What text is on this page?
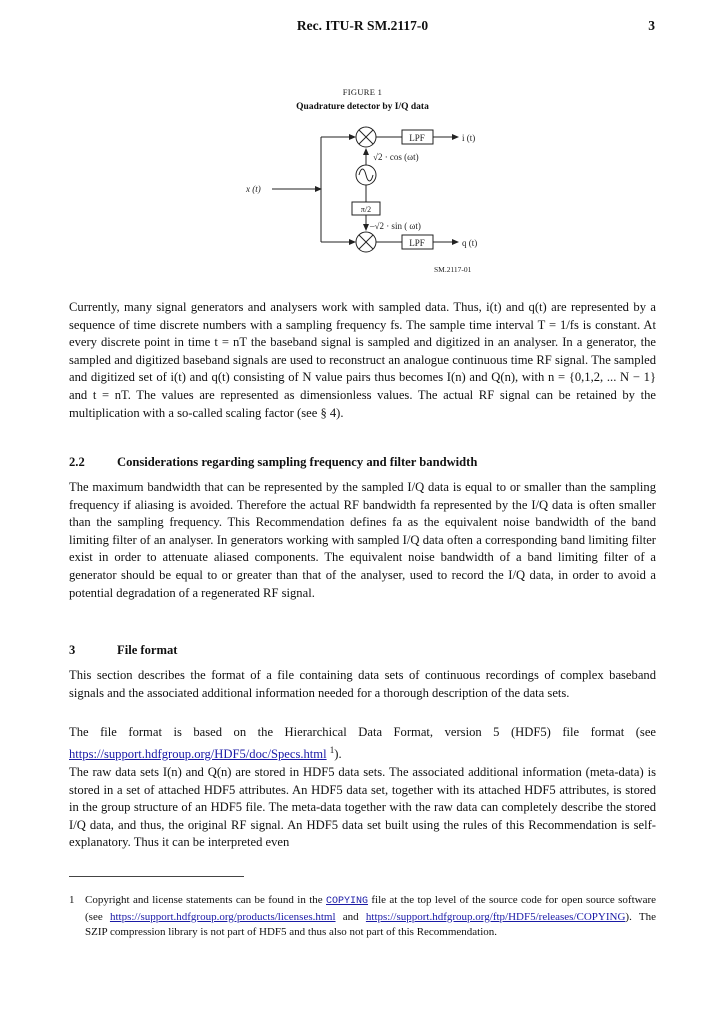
Rec. ITU-R SM.2117-0	3
FIGURE 1
Quadrature detector by I/Q data
LPF
LPF
i (t)
q (t)
√2 · cos (ωt)
–√2 · sin ( ωt)
π/2
x (t)
SM.2117-01

Currently, many signal generators and analysers work with sampled data. Thus, i(t) and q(t) are represented by a sequence of time discrete numbers with a sampling frequency fs. The sample time interval T = 1/fs is constant. At every discrete point in time t = nT the baseband signal is sampled and digitized in an analyser. In a generator, the sampled and digitized baseband signals are used to reconstruct an analogue continuous time RF signal. The sampled and digitized set of i(t) and q(t) consisting of N value pairs thus becomes I(n) and Q(n), with n = {0,1,2, ... N − 1} and t = nT. The values are represented as dimensionless values. The actual RF signal can be retained by the multiplication with a so-called scaling factor (see § 4).

2.2	Considerations regarding sampling frequency and filter bandwidth

The maximum bandwidth that can be represented by the sampled I/Q data is equal to or smaller than the sampling frequency if aliasing is avoided. Therefore the actual RF bandwidth fa represented by the I/Q data is often smaller than the sampling frequency. This Recommendation defines fa as the equivalent noise bandwidth of the band limiting filter of an analyser. In generators working with sampled I/Q data often a corresponding band limiting filter exist in order to attenuate aliased components. The equivalent noise bandwidth of a band limiting filter of a generator should be equal to or greater than that of the analyser, used to record the I/Q data, in order to avoid a potential degradation of a regenerated RF signal.

3	File format

This section describes the format of a file containing data sets of continuous recordings of complex baseband signals and the associated additional information needed for a thorough description of the data sets.

The file format is based on the Hierarchical Data Format, version 5 (HDF5) file format (see https://support.hdfgroup.org/HDF5/doc/Specs.html $^1$).

The raw data sets I(n) and Q(n) are stored in HDF5 data sets. The associated additional information (meta-data) is stored in a set of attached HDF5 attributes. An HDF5 data set, together with its attached HDF5 attributes, is stored in the group structure of an HDF5 file. The meta-data together with the raw data can completely describe the stored I/Q data, and thus, the original RF signal. An HDF5 data set built using the rules of this Recommendation is self-explanatory. Thus it can be interpreted even

1 Copyright and license statements can be found in the COPYING file at the top level of the source code for open source software (see https://support.hdfgroup.org/products/licenses.html and https://support.hdfgroup.org/ftp/HDF5/releases/COPYING). The SZIP compression library is not part of HDF5 and thus also not part of this Recommendation.
